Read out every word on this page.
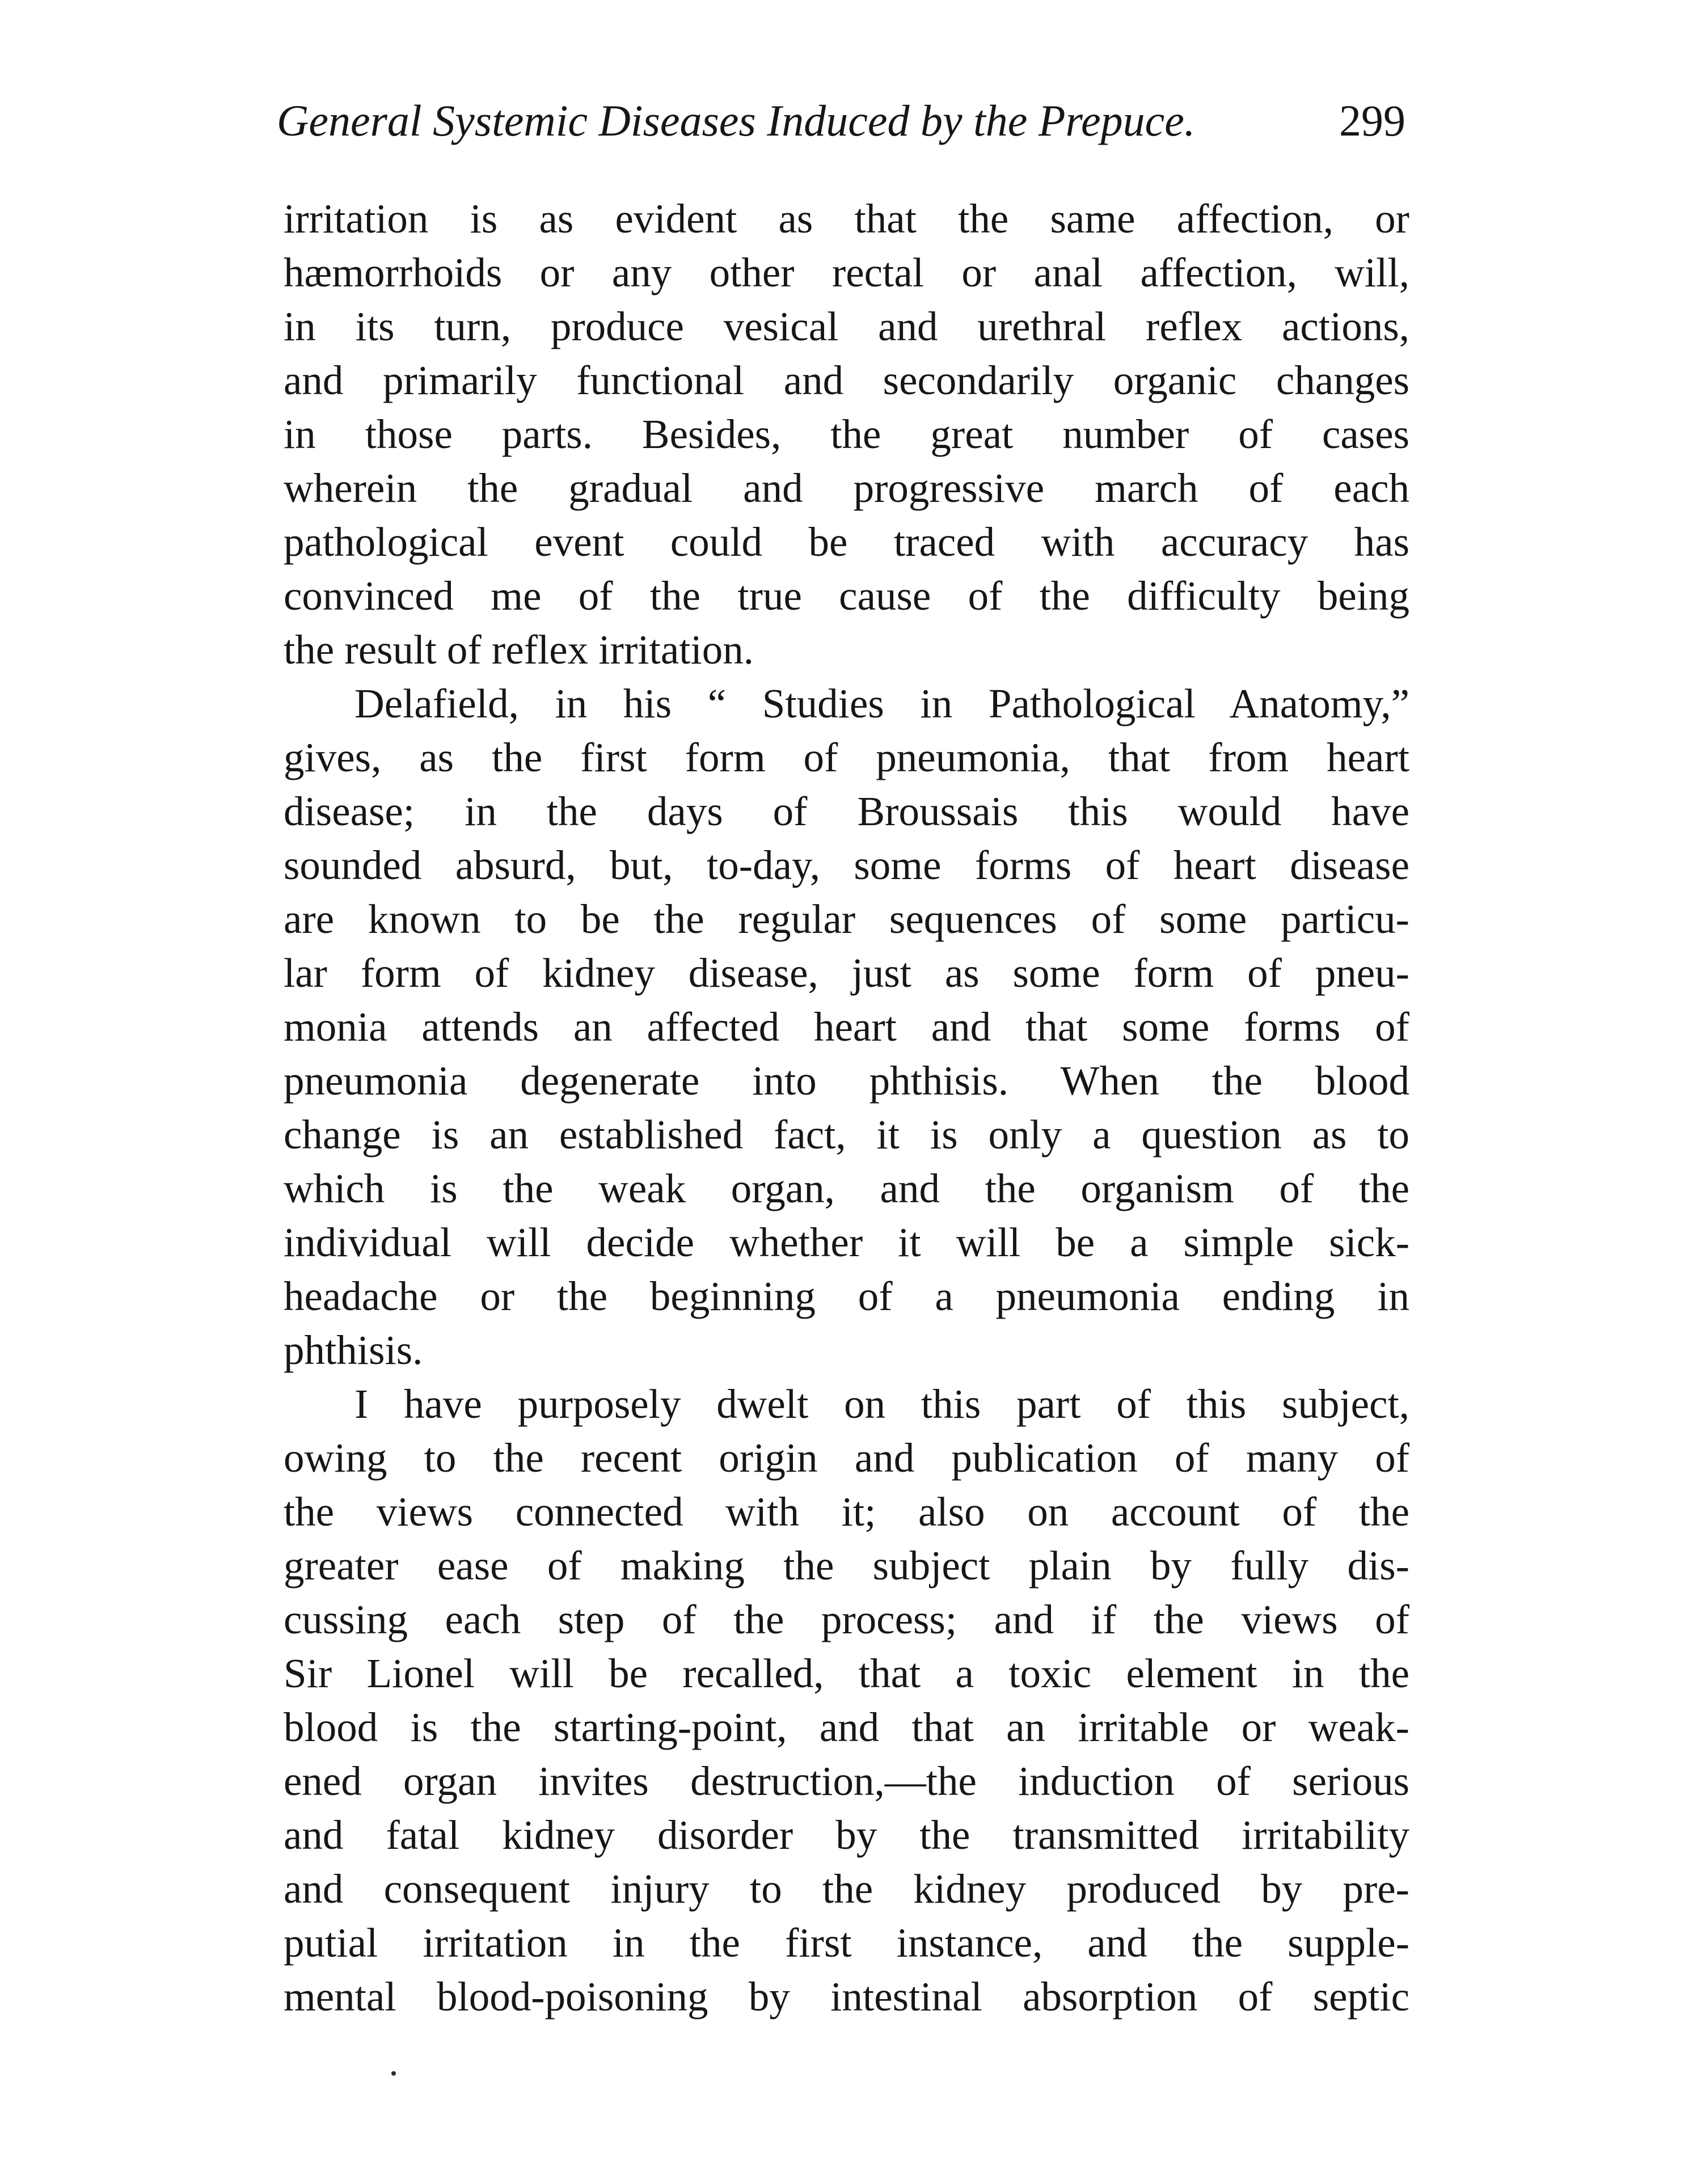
General Systemic Diseases Induced by the Prepuce.	299
irritation is as evident as that the same affection, or
hæmorrhoids or any other rectal or anal affection, will,
in its turn, produce vesical and urethral reflex actions,
and primarily functional and secondarily organic changes
in those parts. Besides, the great number of cases
wherein the gradual and progressive march of each
pathological event could be traced with accuracy has
convinced me of the true cause of the difficulty being
the result of reflex irritation.
Delafield, in his “ Studies in Pathological Anatomy,”
gives, as the first form of pneumonia, that from heart
disease; in the days of Broussais this would have
sounded absurd, but, to-day, some forms of heart disease
are known to be the regular sequences of some particu-
lar form of kidney disease, just as some form of pneu-
monia attends an affected heart and that some forms of
pneumonia degenerate into phthisis. When the blood
change is an established fact, it is only a question as to
which is the weak organ, and the organism of the
individual will decide whether it will be a simple sick-
headache or the beginning of a pneumonia ending in
phthisis.
I have purposely dwelt on this part of this subject,
owing to the recent origin and publication of many of
the views connected with it; also on account of the
greater ease of making the subject plain by fully dis-
cussing each step of the process; and if the views of
Sir Lionel will be recalled, that a toxic element in the
blood is the starting-point, and that an irritable or weak-
ened organ invites destruction,—the induction of serious
and fatal kidney disorder by the transmitted irritability
and consequent injury to the kidney produced by pre-
putial irritation in the first instance, and the supple-
mental blood-poisoning by intestinal absorption of septic
